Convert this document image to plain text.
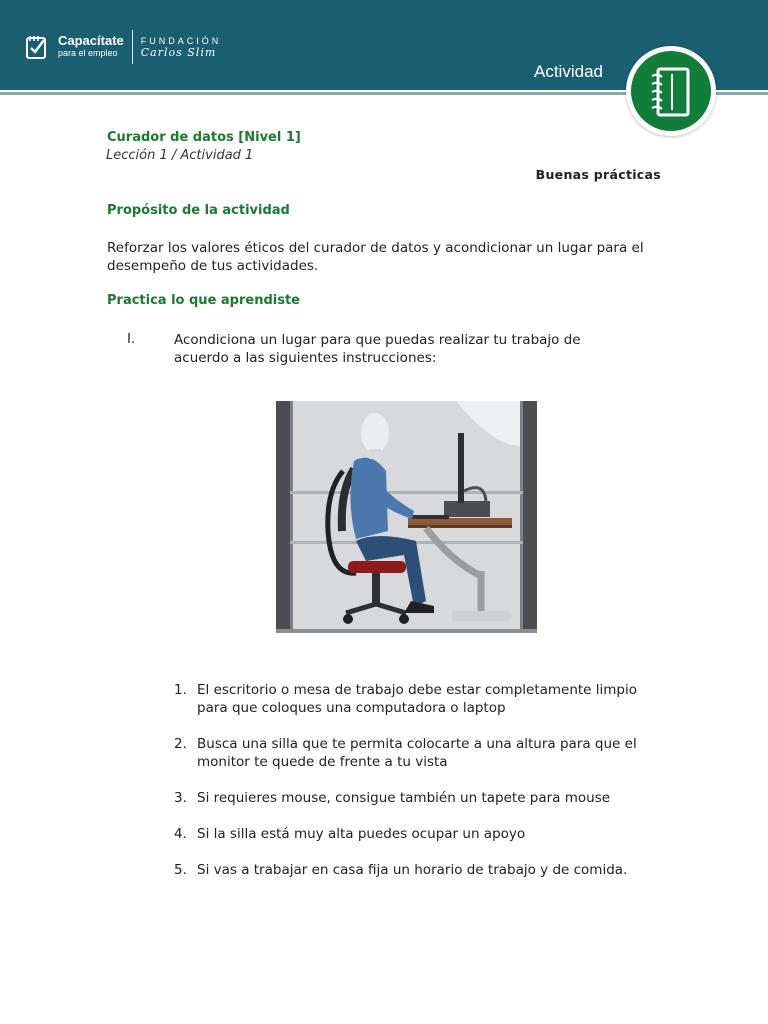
Capacítate
para el empleo
FUNDACIÓN
Carlos Slim
Actividad
Curador de datos [Nivel 1]
Lección 1 / Actividad 1
Buenas prácticas
Propósito de la actividad
Reforzar los valores éticos del curador de datos y acondicionar un lugar para el desempeño de tus actividades.
Practica lo que aprendiste
I.	Acondiciona un lugar para que puedas realizar tu trabajo de acuerdo a las siguientes instrucciones:
1. El escritorio o mesa de trabajo debe estar completamente limpio para que coloques una computadora o laptop
2. Busca una silla que te permita colocarte a una altura para que el monitor te quede de frente a tu vista
3. Si requieres mouse, consigue también un tapete para mouse
4. Si la silla está muy alta puedes ocupar un apoyo
5. Si vas a trabajar en casa fija un horario de trabajo y de comida.
